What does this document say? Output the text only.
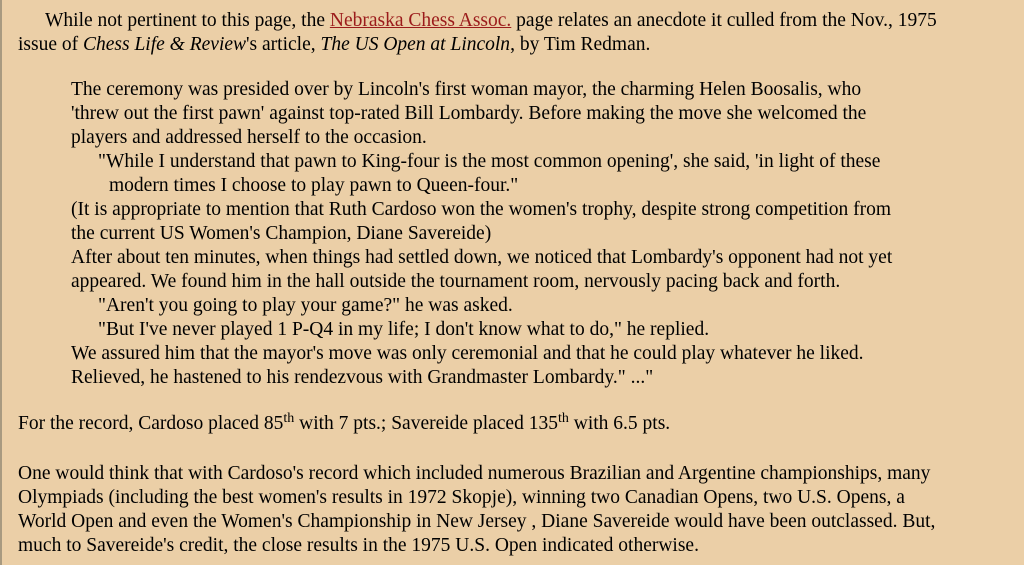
While not pertinent to this page, the Nebraska Chess Assoc. page relates an anecdote it culled from the Nov., 1975
issue of Chess Life & Review's article, The US Open at Lincoln, by Tim Redman.
The ceremony was presided over by Lincoln's first woman mayor, the charming Helen Boosalis, who
'threw out the first pawn' against top-rated Bill Lombardy. Before making the move she welcomed the
players and addressed herself to the occasion.
"While I understand that pawn to King-four is the most common opening', she said, 'in light of these
modern times I choose to play pawn to Queen-four."
(It is appropriate to mention that Ruth Cardoso won the women's trophy, despite strong competition from
the current US Women's Champion, Diane Savereide)
After about ten minutes, when things had settled down, we noticed that Lombardy's opponent had not yet
appeared. We found him in the hall outside the tournament room, nervously pacing back and forth.
"Aren't you going to play your game?" he was asked.
"But I've never played 1 P-Q4 in my life; I don't know what to do," he replied.
We assured him that the mayor's move was only ceremonial and that he could play whatever he liked.
Relieved, he hastened to his rendezvous with Grandmaster Lombardy." ..."
For the record, Cardoso placed 85th with 7 pts.; Savereide placed 135th with 6.5 pts.
One would think that with Cardoso's record which included numerous Brazilian and Argentine championships, many
Olympiads (including the best women's results in 1972 Skopje), winning two Canadian Opens, two U.S. Opens, a
World Open and even the Women's Championship in New Jersey , Diane Savereide would have been outclassed. But,
much to Savereide's credit, the close results in the 1975 U.S. Open indicated otherwise.
